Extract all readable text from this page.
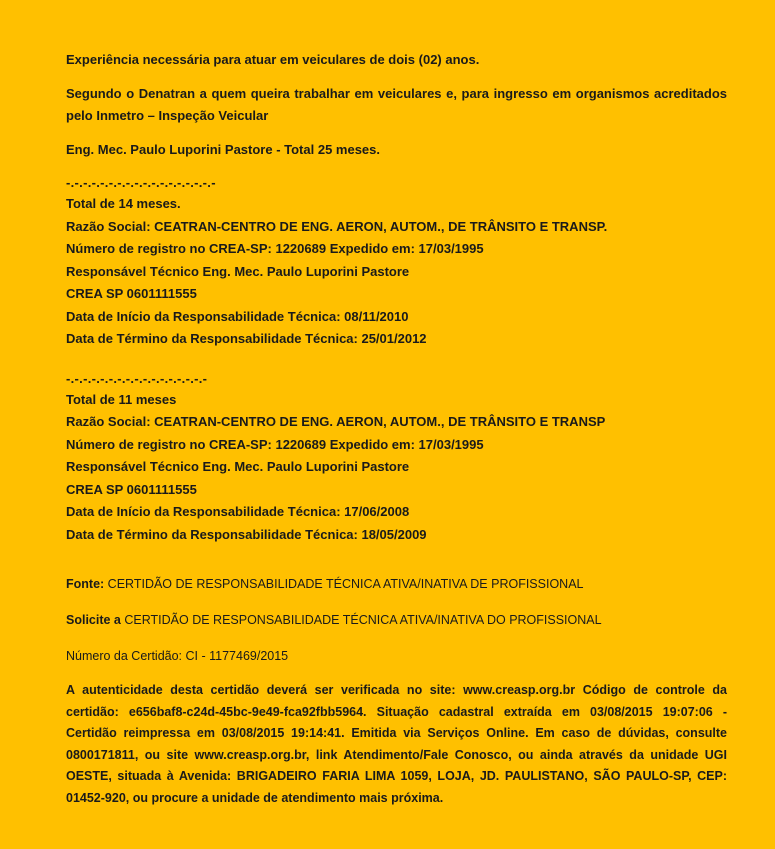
Experiência necessária para atuar em veiculares de dois (02) anos.

Segundo o Denatran a quem queira trabalhar em veiculares e, para ingresso em organismos acreditados pelo Inmetro – Inspeção Veicular

Eng. Mec. Paulo Luporini Pastore - Total 25 meses.

-.-.-.-.-.-.-.-.-.-.-.-.-.-.-.-.-.-

Total de 14 meses.

Razão Social: CEATRAN-CENTRO DE ENG. AERON, AUTOM., DE TRÂNSITO E TRANSP.

Número de registro no CREA-SP: 1220689 Expedido em: 17/03/1995

Responsável Técnico Eng. Mec. Paulo Luporini Pastore

CREA SP 0601111555

Data de Início da Responsabilidade Técnica: 08/11/2010

Data de Término da Responsabilidade Técnica: 25/01/2012

-.-.-.-.-.-.-.-.-.-.-.-.-.-.-.-.-

Total de 11 meses

Razão Social: CEATRAN-CENTRO DE ENG. AERON, AUTOM., DE TRÂNSITO E TRANSP

Número de registro no CREA-SP: 1220689 Expedido em: 17/03/1995

Responsável Técnico Eng. Mec. Paulo Luporini Pastore

CREA SP 0601111555

Data de Início da Responsabilidade Técnica: 17/06/2008

Data de Término da Responsabilidade Técnica: 18/05/2009

Fonte: CERTIDÃO DE RESPONSABILIDADE TÉCNICA ATIVA/INATIVA DE PROFISSIONAL

Solicite a CERTIDÃO DE RESPONSABILIDADE TÉCNICA ATIVA/INATIVA DO PROFISSIONAL

Número da Certidão: CI - 1177469/2015

A autenticidade desta certidão deverá ser verificada no site: www.creasp.org.br Código de controle da certidão: e656baf8-c24d-45bc-9e49-fca92fbb5964. Situação cadastral extraída em 03/08/2015 19:07:06 - Certidão reimpressa em 03/08/2015 19:14:41. Emitida via Serviços Online. Em caso de dúvidas, consulte 0800171811, ou site www.creasp.org.br, link Atendimento/Fale Conosco, ou ainda através da unidade UGI OESTE, situada à Avenida: BRIGADEIRO FARIA LIMA 1059, LOJA, JD. PAULISTANO, SÃO PAULO-SP, CEP: 01452-920, ou procure a unidade de atendimento mais próxima.
